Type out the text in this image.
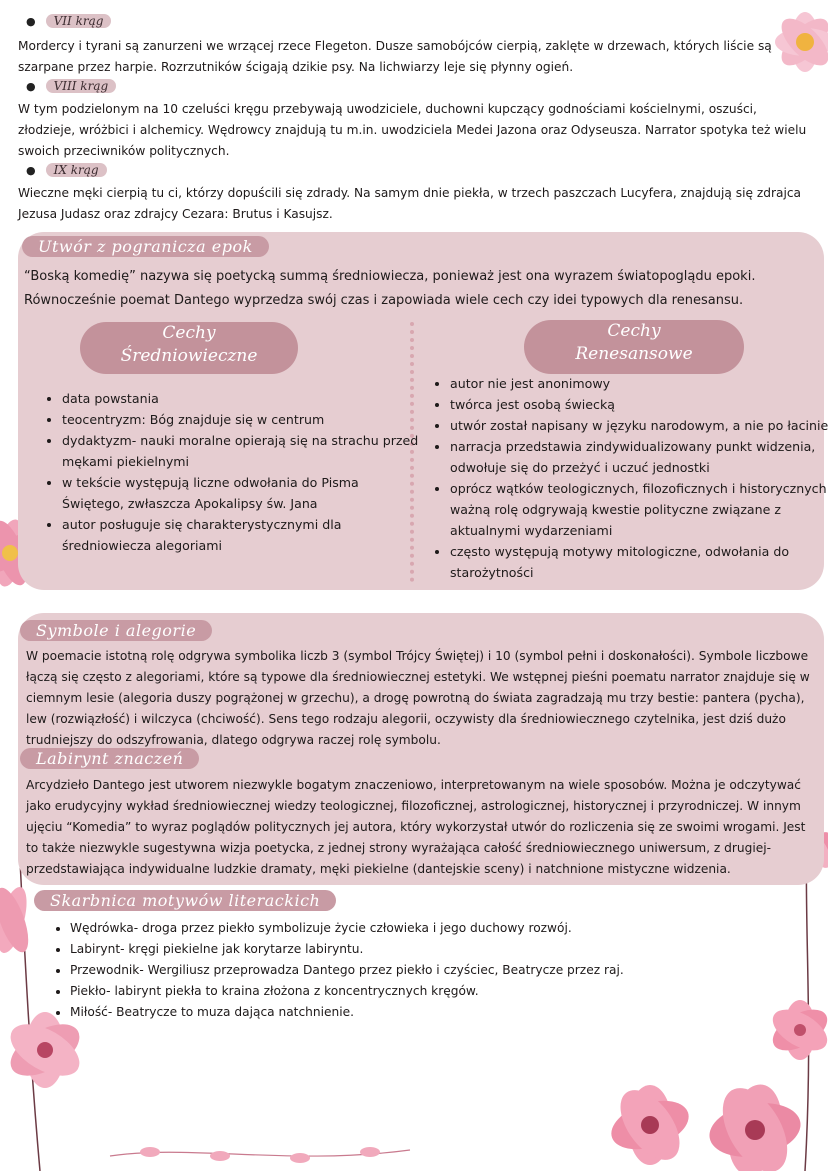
●	VII krąg
Mordercy i tyrani są zanurzeni we wrzącej rzece Flegeton. Dusze samobójców cierpią, zaklęte w drzewach, których liście są szarpane przez harpie. Rozrzutników ścigają dzikie psy. Na lichwiarzy leje się płynny ogień.
●	VIII krąg
W tym podzielonym na 10 czeluści kręgu przebywają uwodziciele, duchowni kupczący godnościami kościelnymi, oszuści, złodzieje, wróżbici i alchemicy. Wędrowcy znajdują tu m.in. uwodziciela Medei Jazona oraz Odyseusza. Narrator spotyka też wielu swoich przeciwników politycznych.
●	IX krąg
Wieczne męki cierpią tu ci, którzy dopuścili się zdrady. Na samym dnie piekła, w trzech paszczach Lucyfera, znajdują się zdrajca Jezusa Judasz oraz zdrajcy Cezara: Brutus i Kasujsz.
Utwór z pogranicza epok
“Boską komedię” nazywa się poetycką summą średniowiecza, ponieważ jest ona wyrazem światopoglądu epoki. Równocześnie poemat Dantego wyprzedza swój czas i zapowiada wiele cech czy idei typowych dla renesansu.
Cechy
Średniowieczne
Cechy
Renesansowe
• data powstania
• teocentryzm: Bóg znajduje się w centrum
• dydaktyzm- nauki moralne opierają się na strachu przed mękami piekielnymi
• w tekście występują liczne odwołania do Pisma Świętego, zwłaszcza Apokalipsy św. Jana
• autor posługuje się charakterystycznymi dla średniowiecza alegoriami
• autor nie jest anonimowy
• twórca jest osobą świecką
• utwór został napisany w języku narodowym, a nie po łacinie
• narracja przedstawia zindywidualizowany punkt widzenia, odwołuje się do przeżyć i uczuć jednostki
• oprócz wątków teologicznych, filozoficznych i historycznych ważną rolę odgrywają kwestie polityczne związane z aktualnymi wydarzeniami
• często występują motywy mitologiczne, odwołania do starożytności
Symbole i alegorie
W poemacie istotną rolę odgrywa symbolika liczb 3 (symbol Trójcy Świętej) i 10 (symbol pełni i doskonałości). Symbole liczbowe łączą się często z alegoriami, które są typowe dla średniowiecznej estetyki. We wstępnej pieśni poematu narrator znajduje się w ciemnym lesie (alegoria duszy pogrążonej w grzechu), a drogę powrotną do świata zagradzają mu trzy bestie: pantera (pycha), lew (rozwiązłość) i wilczyca (chciwość). Sens tego rodzaju alegorii, oczywisty dla średniowiecznego czytelnika, jest dziś dużo trudniejszy do odszyfrowania, dlatego odgrywa raczej rolę symbolu.
Labirynt znaczeń
Arcydzieło Dantego jest utworem niezwykle bogatym znaczeniowo, interpretowanym na wiele sposobów. Można je odczytywać jako erudycyjny wykład średniowiecznej wiedzy teologicznej, filozoficznej, astrologicznej, historycznej i przyrodniczej. W innym ujęciu “Komedia” to wyraz poglądów politycznych jej autora, który wykorzystał utwór do rozliczenia się ze swoimi wrogami. Jest to także niezwykle sugestywna wizja poetycka, z jednej strony wyrażająca całość średniowiecznego uniwersum, z drugiej- przedstawiająca indywidualne ludzkie dramaty, męki piekielne (dantejskie sceny) i natchnione mistyczne widzenia.
Skarbnica motywów literackich
• Wędrówka- droga przez piekło symbolizuje życie człowieka i jego duchowy rozwój.
• Labirynt- kręgi piekielne jak korytarze labiryntu.
• Przewodnik- Wergiliusz przeprowadza Dantego przez piekło i czyściec, Beatrycze przez raj.
• Piekło- labirynt piekła to kraina złożona z koncentrycznych kręgów.
• Miłość- Beatrycze to muza dająca natchnienie.
